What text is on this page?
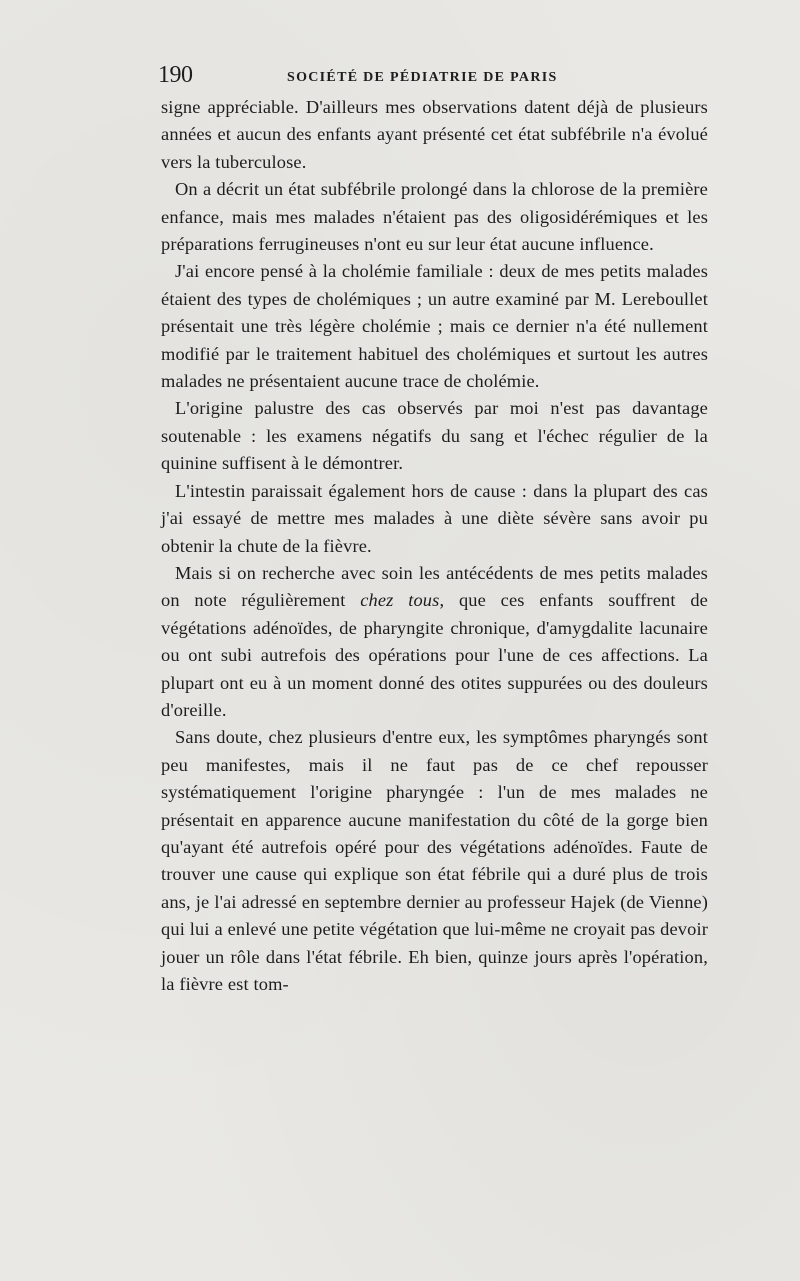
190	SOCIÉTÉ DE PÉDIATRIE DE PARIS

signe appréciable. D'ailleurs mes observations datent déjà de plusieurs années et aucun des enfants ayant présenté cet état subfébrile n'a évolué vers la tuberculose.

On a décrit un état subfébrile prolongé dans la chlorose de la première enfance, mais mes malades n'étaient pas des oligosidérémiques et les préparations ferrugineuses n'ont eu sur leur état aucune influence.

J'ai encore pensé à la cholémie familiale : deux de mes petits malades étaient des types de cholémiques ; un autre examiné par M. Lereboullet présentait une très légère cholémie ; mais ce dernier n'a été nullement modifié par le traitement habituel des cholémiques et surtout les autres malades ne présentaient aucune trace de cholémie.

L'origine palustre des cas observés par moi n'est pas davantage soutenable : les examens négatifs du sang et l'échec régulier de la quinine suffisent à le démontrer.

L'intestin paraissait également hors de cause : dans la plupart des cas j'ai essayé de mettre mes malades à une diète sévère sans avoir pu obtenir la chute de la fièvre.

Mais si on recherche avec soin les antécédents de mes petits malades on note régulièrement chez tous, que ces enfants souffrent de végétations adénoïdes, de pharyngite chronique, d'amygdalite lacunaire ou ont subi autrefois des opérations pour l'une de ces affections. La plupart ont eu à un moment donné des otites suppurées ou des douleurs d'oreille.

Sans doute, chez plusieurs d'entre eux, les symptômes pharyngés sont peu manifestes, mais il ne faut pas de ce chef repousser systématiquement l'origine pharyngée : l'un de mes malades ne présentait en apparence aucune manifestation du côté de la gorge bien qu'ayant été autrefois opéré pour des végétations adénoïdes. Faute de trouver une cause qui explique son état fébrile qui a duré plus de trois ans, je l'ai adressé en septembre dernier au professeur Hajek (de Vienne) qui lui a enlevé une petite végétation que lui-même ne croyait pas devoir jouer un rôle dans l'état fébrile. Eh bien, quinze jours après l'opération, la fièvre est tom-
